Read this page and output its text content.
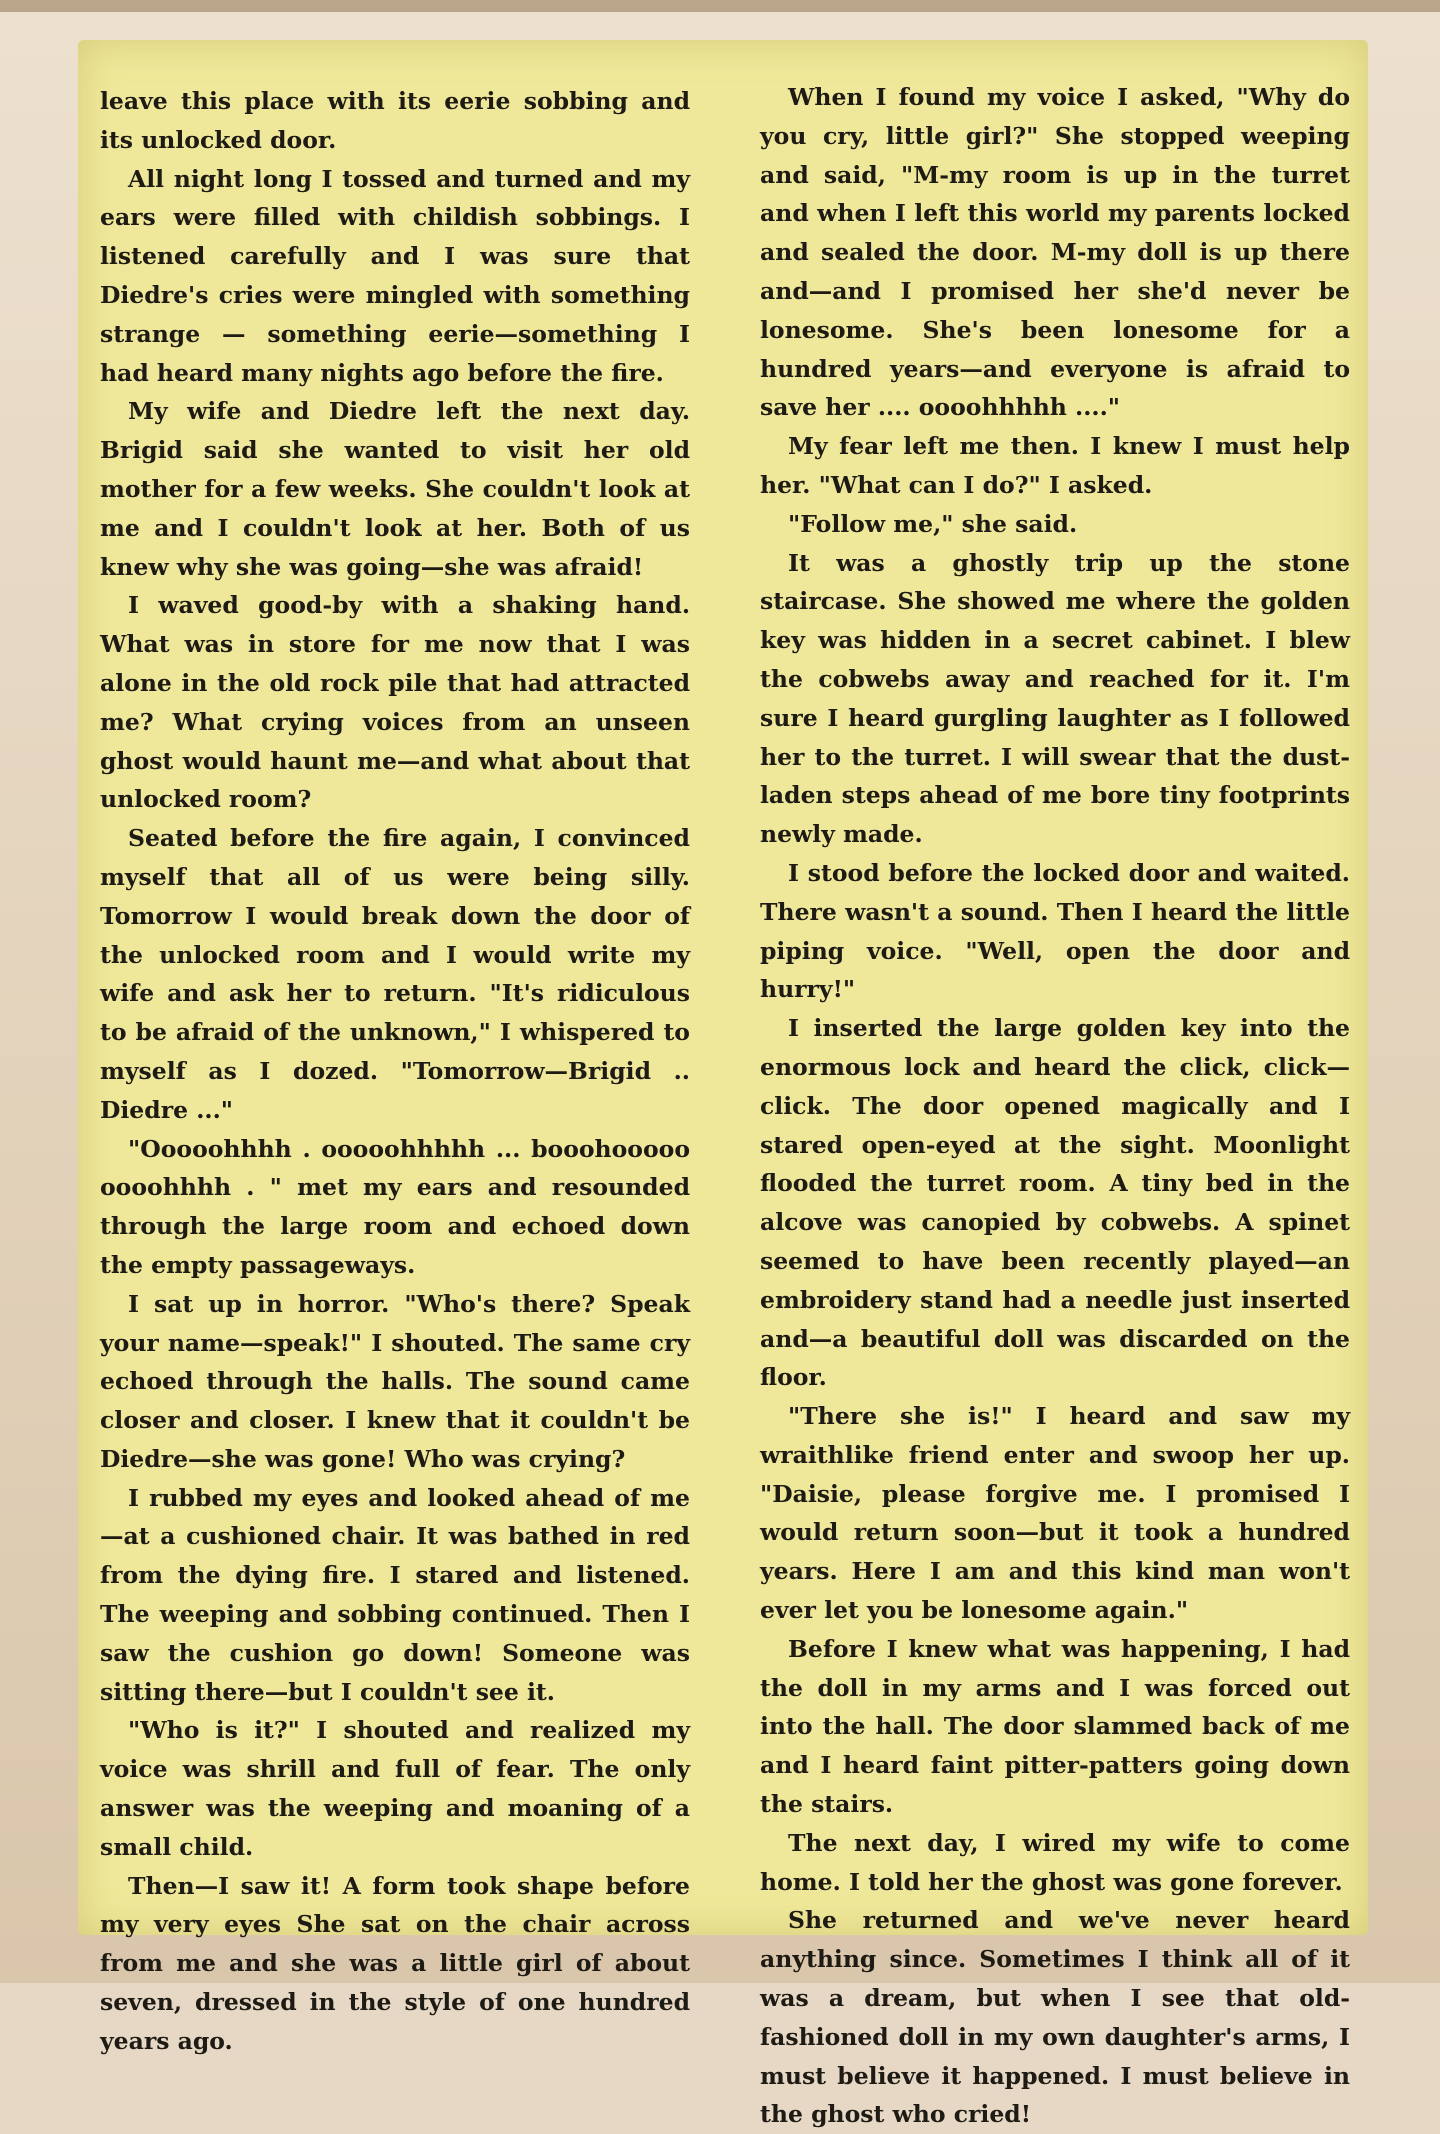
leave this place with its eerie sobbing and its unlocked door.

All night long I tossed and turned and my ears were filled with childish sobbings. I listened carefully and I was sure that Diedre's cries were mingled with something strange — something eerie—something I had heard many nights ago before the fire.

My wife and Diedre left the next day. Brigid said she wanted to visit her old mother for a few weeks. She couldn't look at me and I couldn't look at her. Both of us knew why she was going—she was afraid!

I waved good-by with a shaking hand. What was in store for me now that I was alone in the old rock pile that had attracted me? What crying voices from an unseen ghost would haunt me—and what about that unlocked room?

Seated before the fire again, I convinced myself that all of us were being silly. Tomorrow I would break down the door of the unlocked room and I would write my wife and ask her to return. "It's ridiculous to be afraid of the unknown," I whispered to myself as I dozed. "Tomorrow—Brigid .. Diedre ..."

"Ooooohhhh . ooooohhhhh ... booohooooo oooohhhh . " met my ears and resounded through the large room and echoed down the empty passageways.

I sat up in horror. "Who's there? Speak your name—speak!" I shouted. The same cry echoed through the halls. The sound came closer and closer. I knew that it couldn't be Diedre—she was gone! Who was crying?

I rubbed my eyes and looked ahead of me—at a cushioned chair. It was bathed in red from the dying fire. I stared and listened. The weeping and sobbing continued. Then I saw the cushion go down! Someone was sitting there—but I couldn't see it.

"Who is it?" I shouted and realized my voice was shrill and full of fear. The only answer was the weeping and moaning of a small child.

Then—I saw it! A form took shape before my very eyes She sat on the chair across from me and she was a little girl of about seven, dressed in the style of one hundred years ago.

When I found my voice I asked, "Why do you cry, little girl?" She stopped weeping and said, "M-my room is up in the turret and when I left this world my parents locked and sealed the door. M-my doll is up there and—and I promised her she'd never be lonesome. She's been lonesome for a hundred years—and everyone is afraid to save her .... oooohhhhh ...."

My fear left me then. I knew I must help her. "What can I do?" I asked.

"Follow me," she said.

It was a ghostly trip up the stone staircase. She showed me where the golden key was hidden in a secret cabinet. I blew the cobwebs away and reached for it. I'm sure I heard gurgling laughter as I followed her to the turret. I will swear that the dust-laden steps ahead of me bore tiny footprints newly made.

I stood before the locked door and waited. There wasn't a sound. Then I heard the little piping voice. "Well, open the door and hurry!"

I inserted the large golden key into the enormous lock and heard the click, click—click. The door opened magically and I stared open-eyed at the sight. Moonlight flooded the turret room. A tiny bed in the alcove was canopied by cobwebs. A spinet seemed to have been recently played—an embroidery stand had a needle just inserted and—a beautiful doll was discarded on the floor.

"There she is!" I heard and saw my wraithlike friend enter and swoop her up. "Daisie, please forgive me. I promised I would return soon—but it took a hundred years. Here I am and this kind man won't ever let you be lonesome again."

Before I knew what was happening, I had the doll in my arms and I was forced out into the hall. The door slammed back of me and I heard faint pitter-patters going down the stairs.

The next day, I wired my wife to come home. I told her the ghost was gone forever.

She returned and we've never heard anything since. Sometimes I think all of it was a dream, but when I see that old-fashioned doll in my own daughter's arms, I must believe it happened. I must believe in the ghost who cried!
